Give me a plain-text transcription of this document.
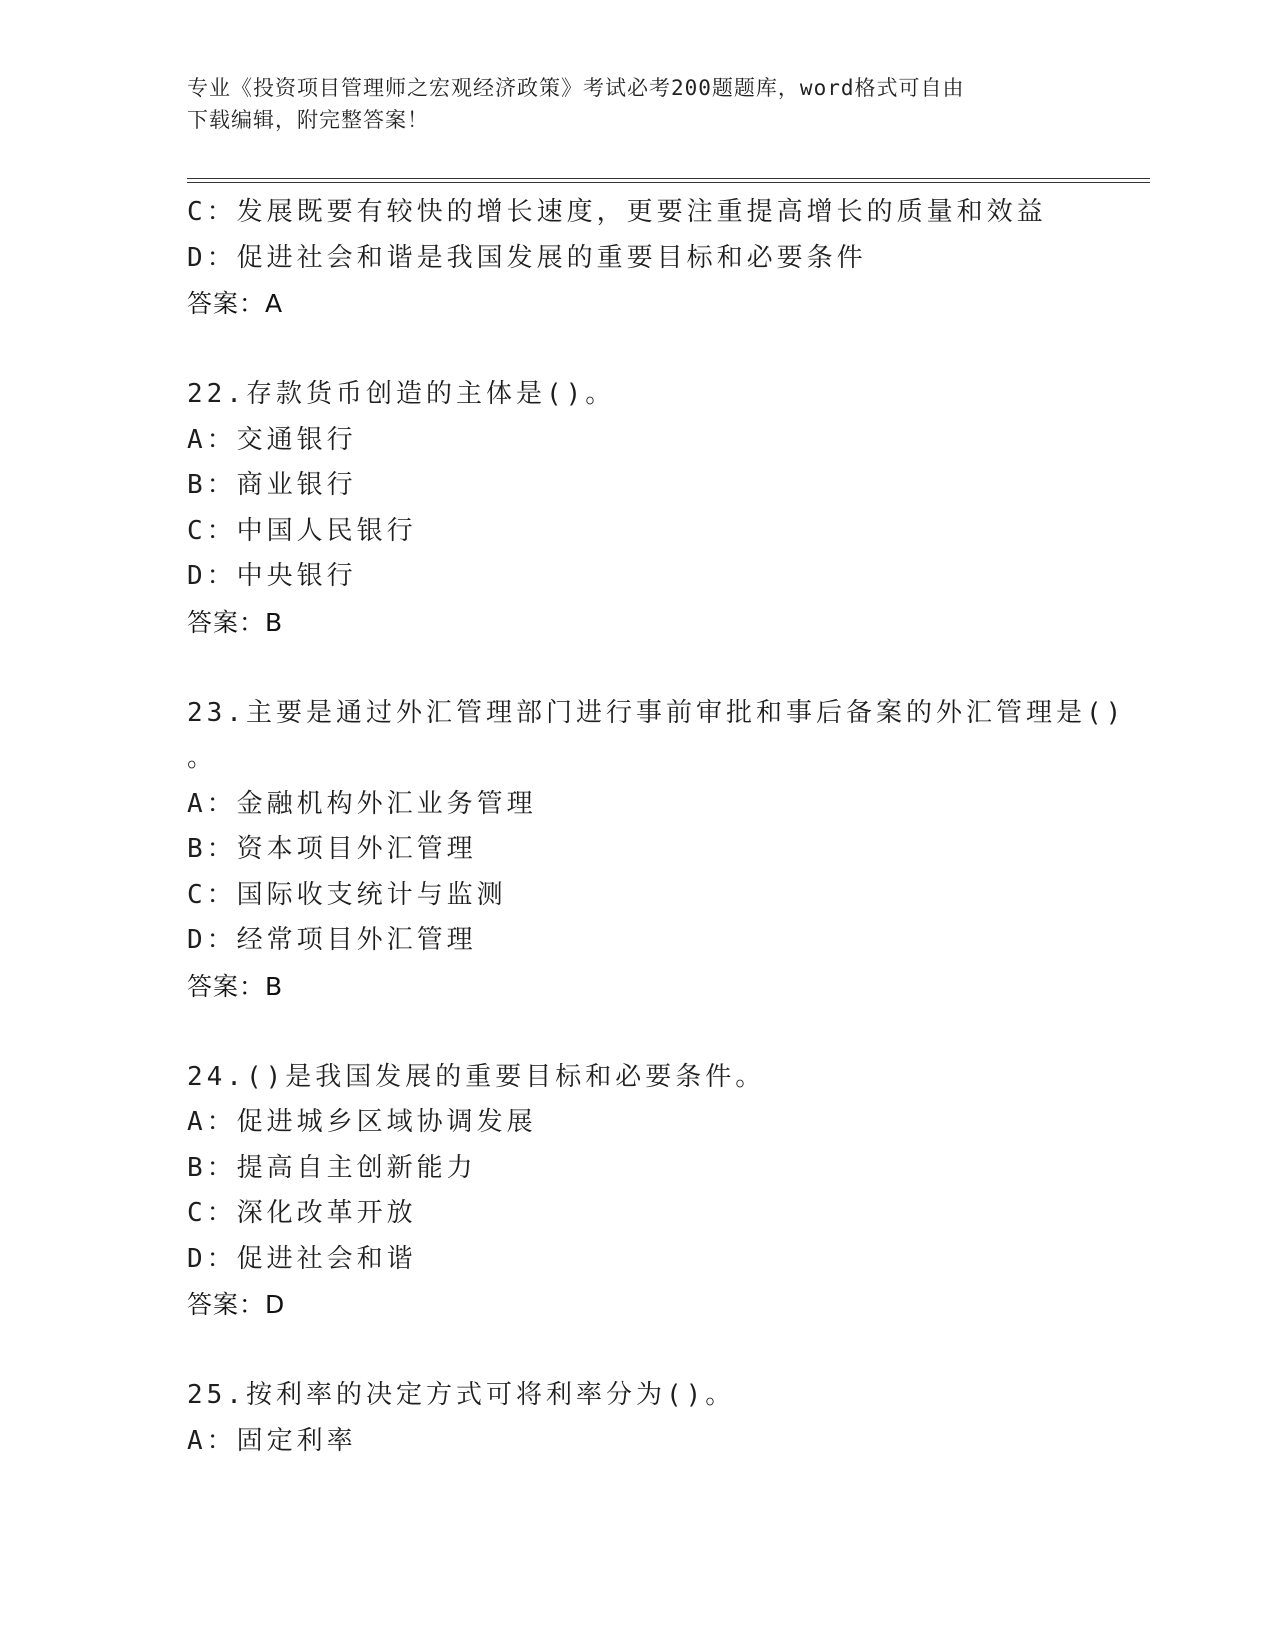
专业《投资项目管理师之宏观经济政策》考试必考200题题库，word格式可自由
下载编辑，附完整答案！
C：发展既要有较快的增长速度，更要注重提高增长的质量和效益
D：促进社会和谐是我国发展的重要目标和必要条件
答案：A
22.存款货币创造的主体是()。
A：交通银行
B：商业银行
C：中国人民银行
D：中央银行
答案：B
23.主要是通过外汇管理部门进行事前审批和事后备案的外汇管理是()
。
A：金融机构外汇业务管理
B：资本项目外汇管理
C：国际收支统计与监测
D：经常项目外汇管理
答案：B
24.()是我国发展的重要目标和必要条件。
A：促进城乡区域协调发展
B：提高自主创新能力
C：深化改革开放
D：促进社会和谐
答案：D
25.按利率的决定方式可将利率分为()。
A：固定利率
